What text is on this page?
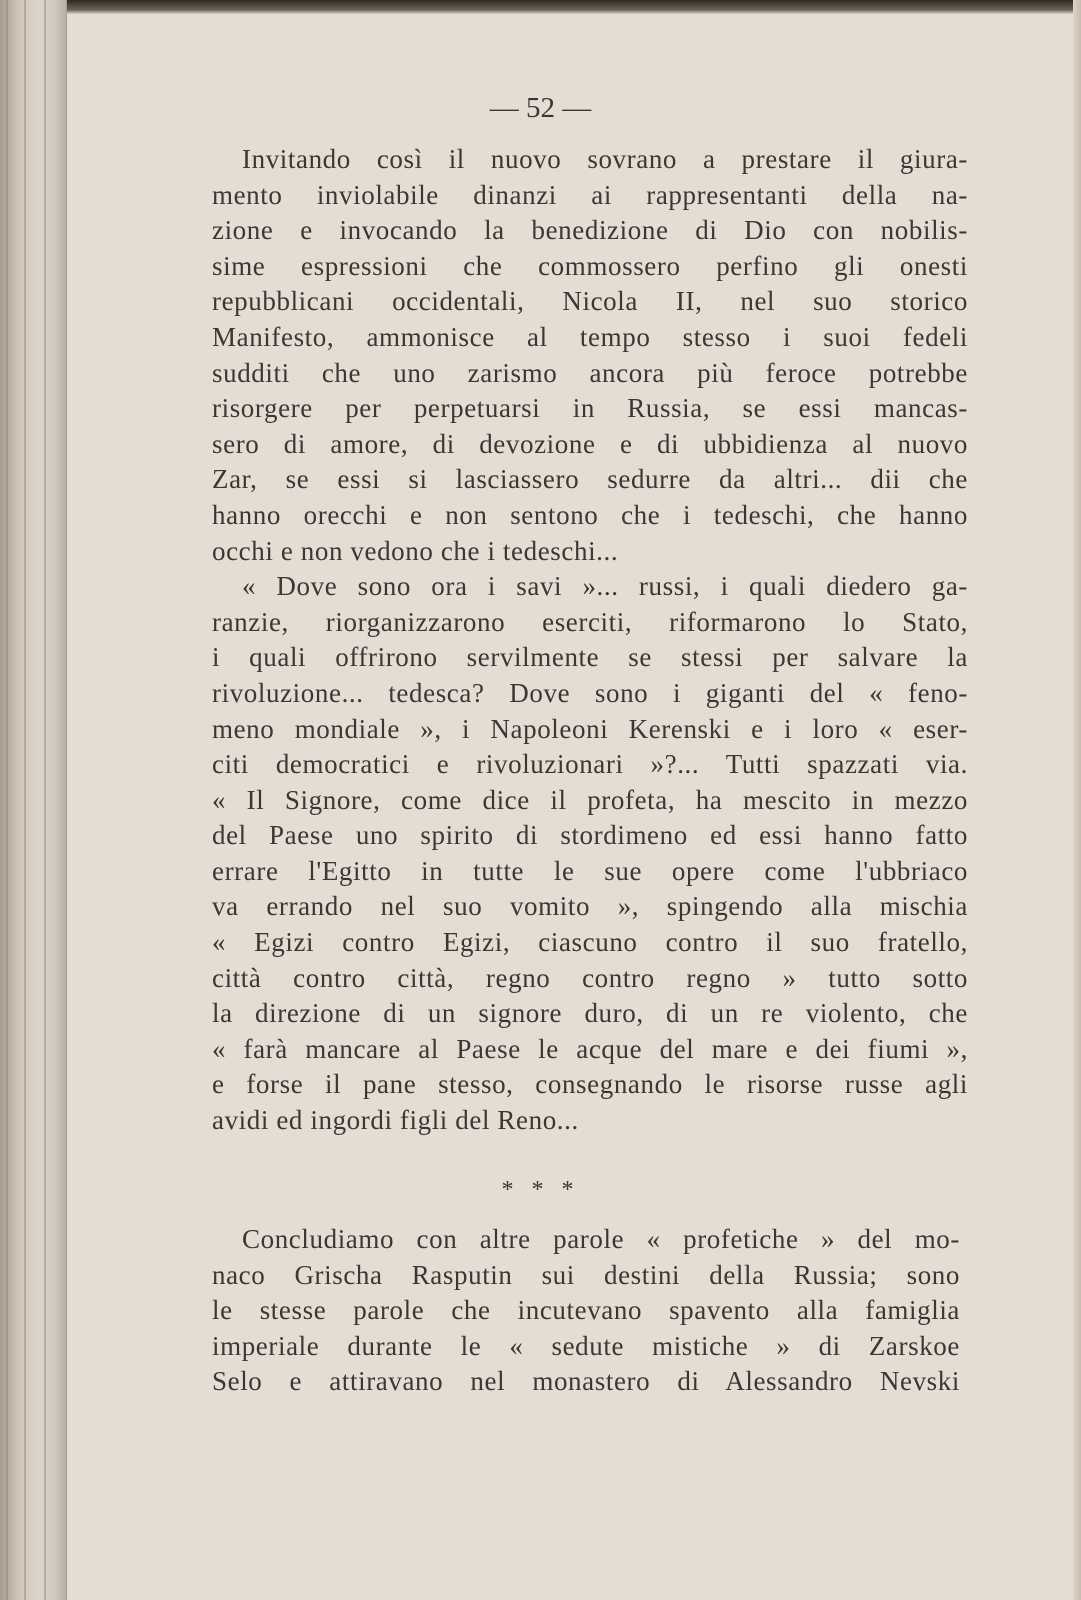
— 52 —
Invitando così il nuovo sovrano a prestare il giura-
mento inviolabile dinanzi ai rappresentanti della na-
zione e invocando la benedizione di Dio con nobilis-
sime espressioni che commossero perfino gli onesti
repubblicani occidentali, Nicola II, nel suo storico
Manifesto, ammonisce al tempo stesso i suoi fedeli
sudditi che uno zarismo ancora più feroce potrebbe
risorgere per perpetuarsi in Russia, se essi mancas-
sero di amore, di devozione e di ubbidienza al nuovo
Zar, se essi si lasciassero sedurre da altri... dii che
hanno orecchi e non sentono che i tedeschi, che hanno
occhi e non vedono che i tedeschi...
« Dove sono ora i savi »... russi, i quali diedero ga-
ranzie, riorganizzarono eserciti, riformarono lo Stato,
i quali offrirono servilmente se stessi per salvare la
rivoluzione... tedesca? Dove sono i giganti del « feno-
meno mondiale », i Napoleoni Kerenski e i loro « eser-
citi democratici e rivoluzionari »?... Tutti spazzati via.
« Il Signore, come dice il profeta, ha mescito in mezzo
del Paese uno spirito di stordimeno ed essi hanno fatto
errare l'Egitto in tutte le sue opere come l'ubbriaco
va errando nel suo vomito », spingendo alla mischia
« Egizi contro Egizi, ciascuno contro il suo fratello,
città contro città, regno contro regno » tutto sotto
la direzione di un signore duro, di un re violento, che
« farà mancare al Paese le acque del mare e dei fiumi »,
e forse il pane stesso, consegnando le risorse russe agli
avidi ed ingordi figli del Reno...
* * *
Concludiamo con altre parole « profetiche » del mo-
naco Grischa Rasputin sui destini della Russia; sono
le stesse parole che incutevano spavento alla famiglia
imperiale durante le « sedute mistiche » di Zarskoe
Selo e attiravano nel monastero di Alessandro Nevski
